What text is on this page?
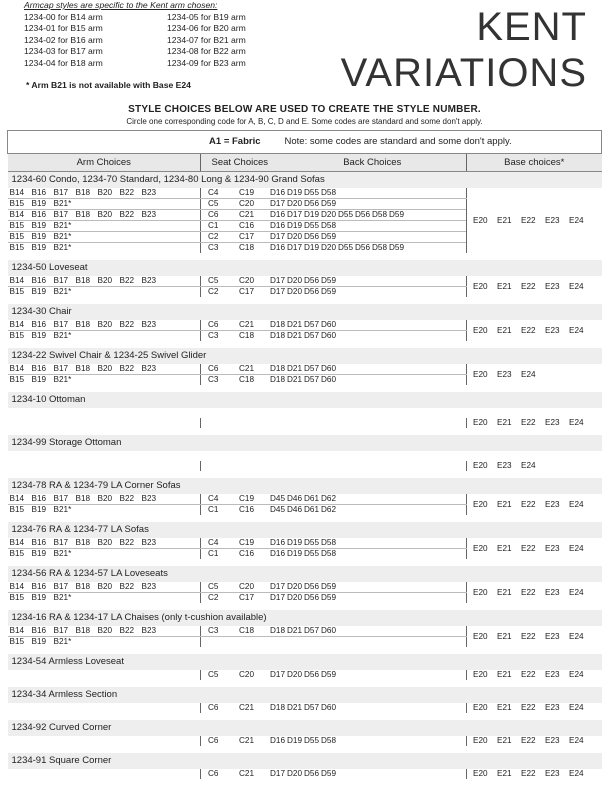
Armcap styles are specific to the Kent arm chosen:
1234-00 for B14 arm	1234-05 for B19 arm
1234-01 for B15 arm	1234-06 for B20 arm
1234-02 for B16 arm	1234-07 for B21 arm
1234-03 for B17 arm	1234-08 for B22 arm
1234-04 for B18 arm	1234-09 for B23 arm
* Arm B21 is not available with Base E24
KENT
VARIATIONS
STYLE CHOICES BELOW ARE USED TO CREATE THE STYLE NUMBER.
Circle one corresponding code for A, B, C, D and E. Some codes are standard and some don't apply.
A1 = Fabric		Note: some codes are standard and some don't apply.	
Arm Choices	Seat Choices	Back Choices	Base choices*
1234-60 Condo, 1234-70 Standard, 1234-80 Long & 1234-90 Grand Sofas			
B14 B16 B17 B18 B20 B22 B23	C4 C19 D16 D19 D55 D58		E20 E21 E22 E23 E24
B15 B19 B21*	C5 C20 D17 D20 D56 D59		
B14 B16 B17 B18 B20 B22 B23	C6 C21 D16 D17 D19 D20 D55 D56 D58 D59		
B15 B19 B21*	C1 C16 D16 D19 D55 D58		
B15 B19 B21*	C2 C17 D17 D20 D56 D59		
B15 B19 B21*	C3 C18 D16 D17 D19 D20 D55 D56 D58 D59		

1234-50 Loveseat			
B14 B16 B17 B18 B20 B22 B23	C5 C20 D17 D20 D56 D59		E20 E21 E22 E23 E24
B15 B19 B21*	C2 C17 D17 D20 D56 D59		

1234-30 Chair			
B14 B16 B17 B18 B20 B22 B23	C6 C21 D18 D21 D57 D60		E20 E21 E22 E23 E24
B15 B19 B21*	C3 C18 D18 D21 D57 D60		

1234-22 Swivel Chair & 1234-25 Swivel Glider			
B14 B16 B17 B18 B20 B22 B23	C6 C21 D18 D21 D57 D60		E20 E23 E24
B15 B19 B21*	C3 C18 D18 D21 D57 D60		

1234-10 Ottoman			

			E20 E21 E22 E23 E24

1234-99 Storage Ottoman			

			E20 E23 E24

1234-78 RA & 1234-79 LA Corner Sofas			
B14 B16 B17 B18 B20 B22 B23	C4 C19 D45 D46 D61 D62		E20 E21 E22 E23 E24
B15 B19 B21*	C1 C16 D45 D46 D61 D62		

1234-76 RA & 1234-77 LA Sofas			
B14 B16 B17 B18 B20 B22 B23	C4 C19 D16 D19 D55 D58		E20 E21 E22 E23 E24
B15 B19 B21*	C1 C16 D16 D19 D55 D58		

1234-56 RA & 1234-57 LA Loveseats			
B14 B16 B17 B18 B20 B22 B23	C5 C20 D17 D20 D56 D59		E20 E21 E22 E23 E24
B15 B19 B21*	C2 C17 D17 D20 D56 D59		

1234-16 RA & 1234-17 LA Chaises (only t-cushion available)			
B14 B16 B17 B18 B20 B22 B23	C3 C18 D18 D21 D57 D60		E20 E21 E22 E23 E24
B15 B19 B21*			

1234-54 Armless Loveseat			
	C5 C20 D17 D20 D56 D59		E20 E21 E22 E23 E24

1234-34 Armless Section			
	C6 C21 D18 D21 D57 D60		E20 E21 E22 E23 E24

1234-92 Curved Corner			
	C6 C21 D16 D19 D55 D58		E20 E21 E22 E23 E24

1234-91 Square Corner			
	C6 C21 D17 D20 D56 D59		E20 E21 E22 E23 E24
